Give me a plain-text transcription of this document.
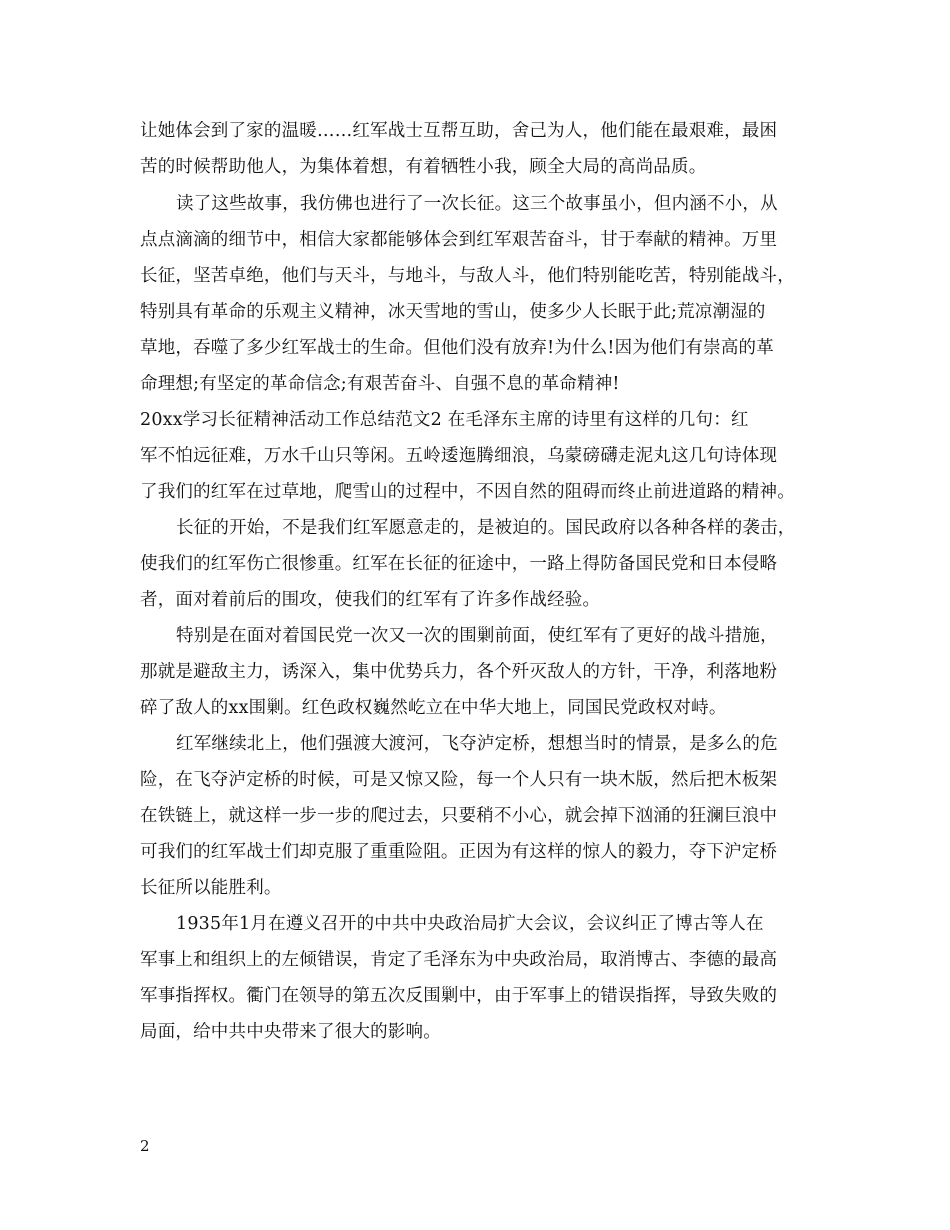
让她体会到了家的温暖……红军战士互帮互助，舍己为人，他们能在最艰难，最困
苦的时候帮助他人，为集体着想，有着牺牲小我，顾全大局的高尚品质。
读了这些故事，我仿佛也进行了一次长征。这三个故事虽小，但内涵不小，从
点点滴滴的细节中，相信大家都能够体会到红军艰苦奋斗，甘于奉献的精神。万里
长征，坚苦卓绝，他们与天斗，与地斗，与敌人斗，他们特别能吃苦，特别能战斗，
特别具有革命的乐观主义精神，冰天雪地的雪山，使多少人长眠于此;荒凉潮湿的
草地，吞噬了多少红军战士的生命。但他们没有放弃!为什么!因为他们有崇高的革
命理想;有坚定的革命信念;有艰苦奋斗、自强不息的革命精神!
20xx学习长征精神活动工作总结范文2 在毛泽东主席的诗里有这样的几句：红
军不怕远征难，万水千山只等闲。五岭逶迤腾细浪，乌蒙磅礴走泥丸这几句诗体现
了我们的红军在过草地，爬雪山的过程中，不因自然的阻碍而终止前进道路的精神。
长征的开始，不是我们红军愿意走的，是被迫的。国民政府以各种各样的袭击，
使我们的红军伤亡很惨重。红军在长征的征途中，一路上得防备国民党和日本侵略
者，面对着前后的围攻，使我们的红军有了许多作战经验。
特别是在面对着国民党一次又一次的围剿前面，使红军有了更好的战斗措施，
那就是避敌主力，诱深入，集中优势兵力，各个歼灭敌人的方针，干净，利落地粉
碎了敌人的xx围剿。红色政权巍然屹立在中华大地上，同国民党政权对峙。
红军继续北上，他们强渡大渡河，飞夺泸定桥，想想当时的情景，是多么的危
险，在飞夺泸定桥的时候，可是又惊又险，每一个人只有一块木版，然后把木板架
在铁链上，就这样一步一步的爬过去，只要稍不小心，就会掉下汹涌的狂澜巨浪中
可我们的红军战士们却克服了重重险阻。正因为有这样的惊人的毅力，夺下沪定桥
长征所以能胜利。
1935年1月在遵义召开的中共中央政治局扩大会议，会议纠正了博古等人在
军事上和组织上的左倾错误，肯定了毛泽东为中央政治局，取消博古、李德的最高
军事指挥权。衢门在领导的第五次反围剿中，由于军事上的错误指挥，导致失败的
局面，给中共中央带来了很大的影响。
2
